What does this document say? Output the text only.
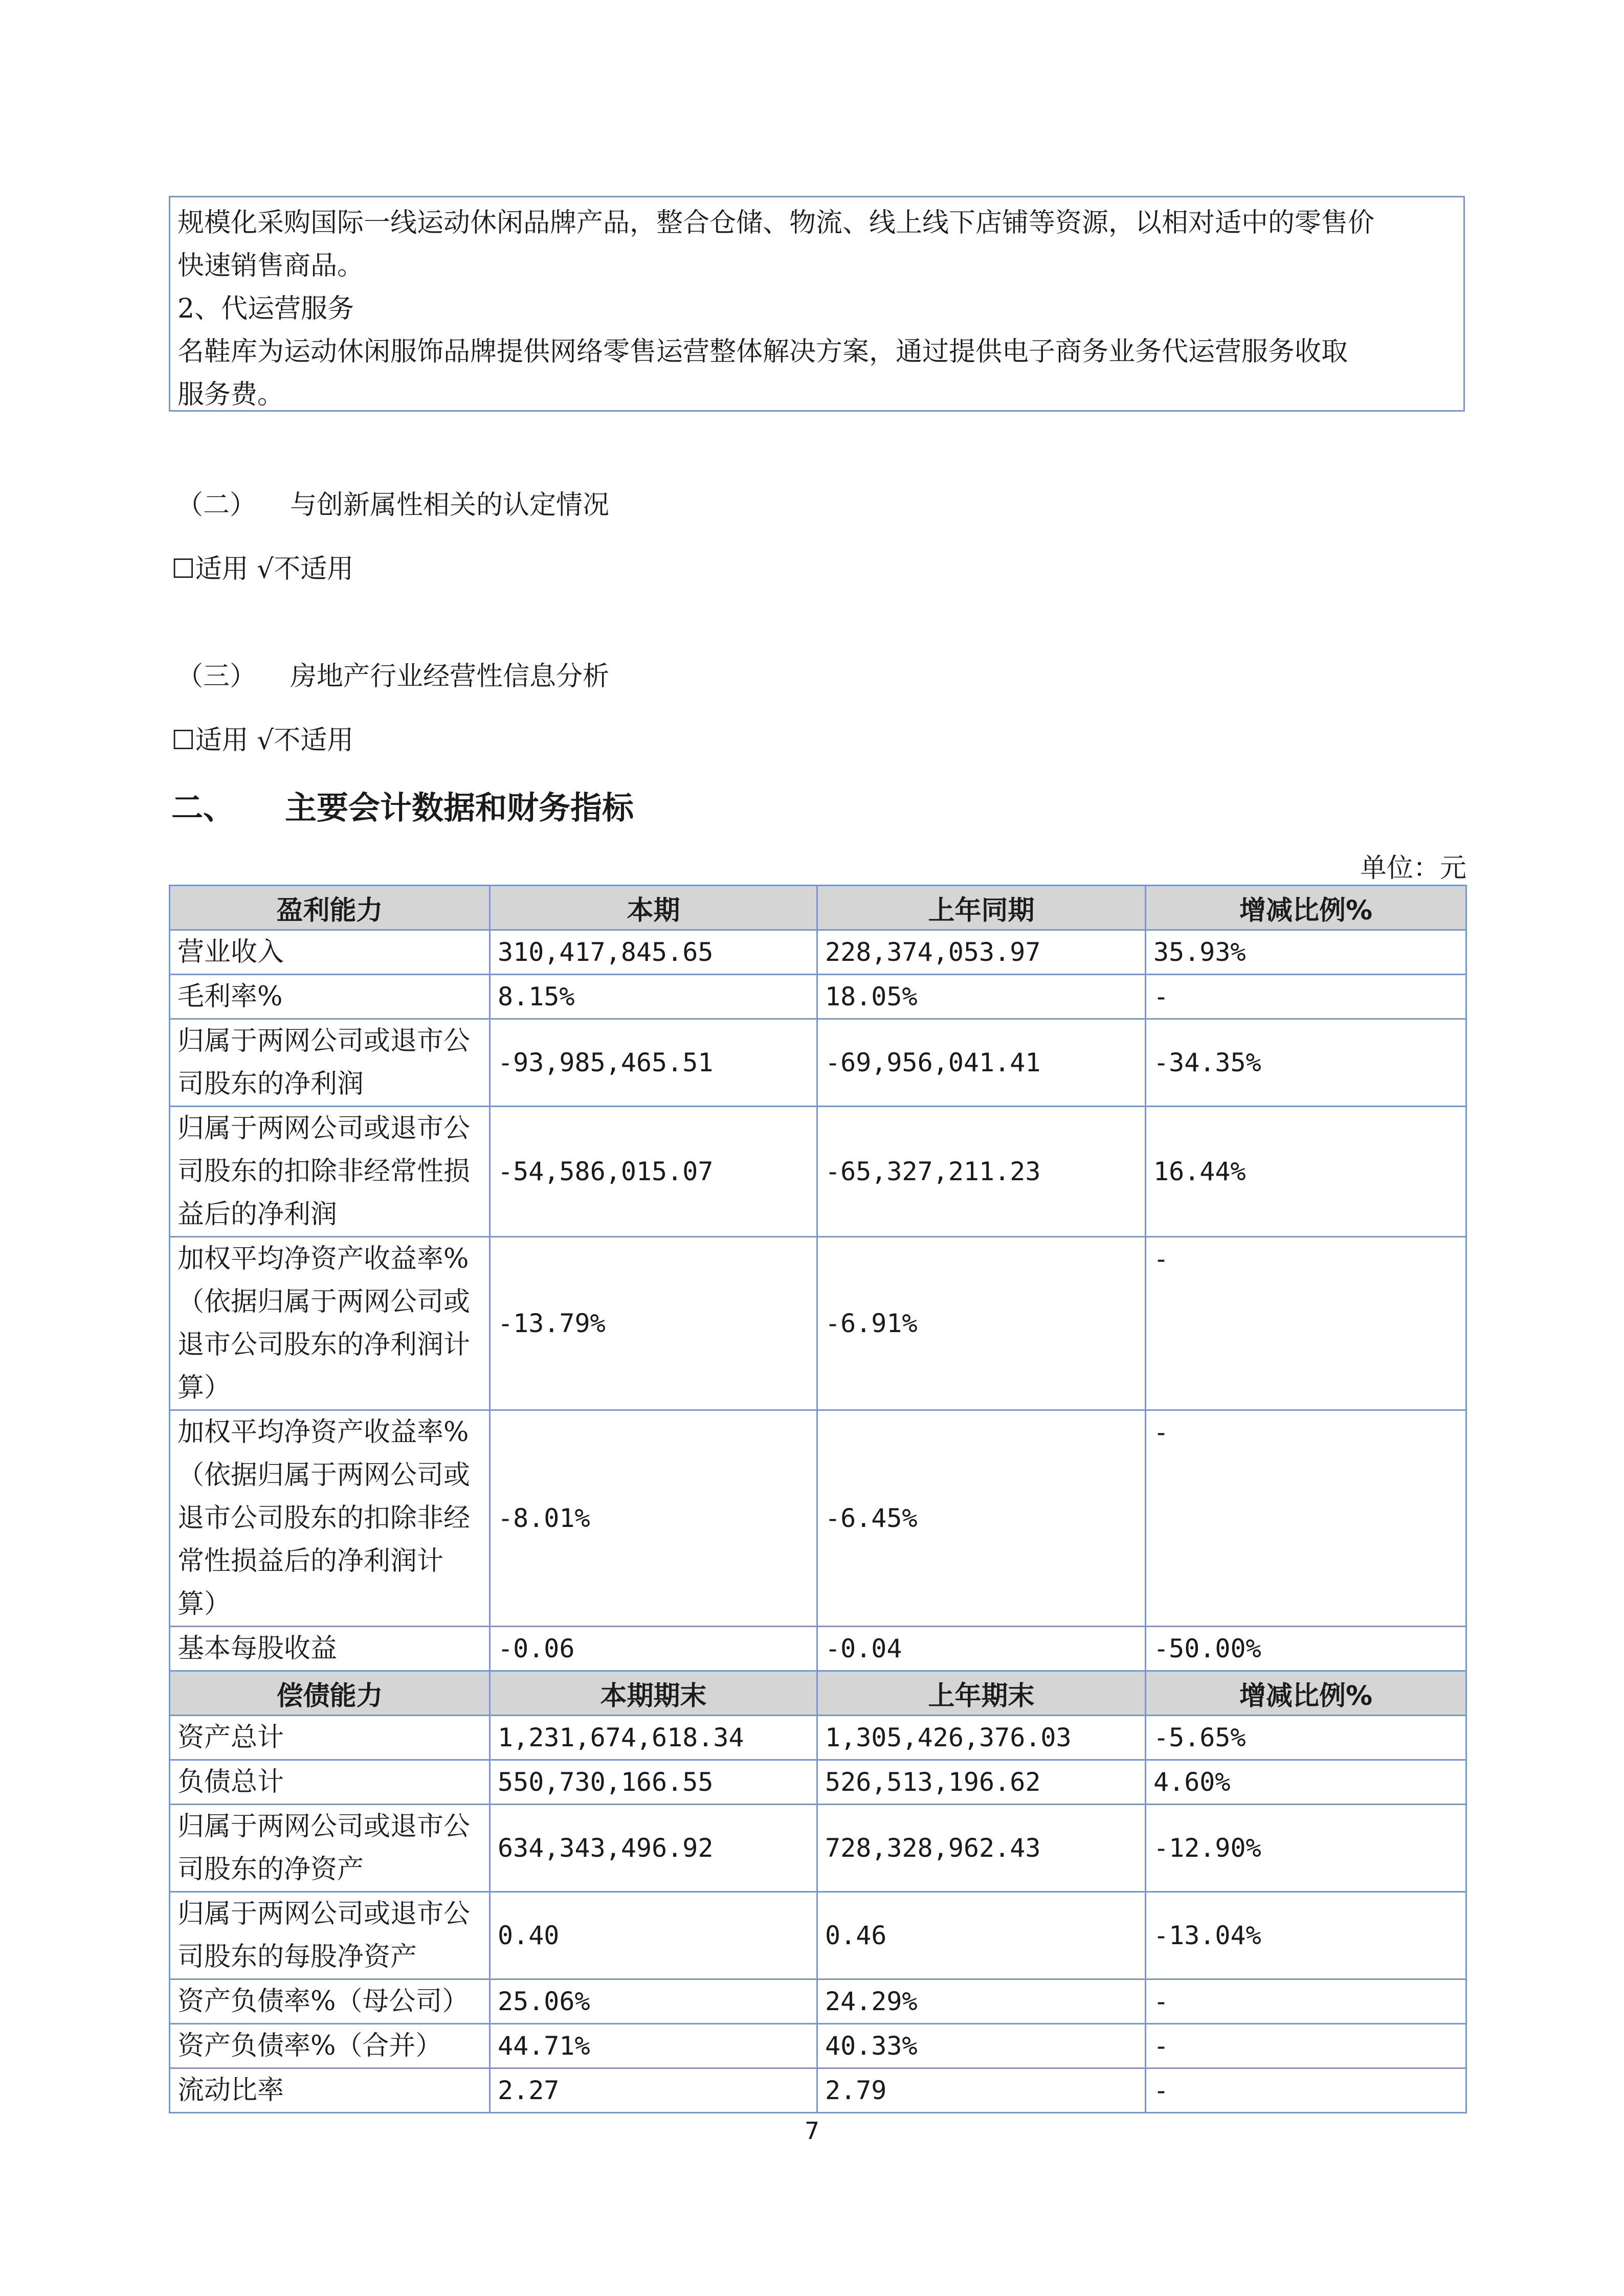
规模化采购国际一线运动休闲品牌产品，整合仓储、物流、线上线下店铺等资源，以相对适中的零售价

快速销售商品。

2、代运营服务

名鞋库为运动休闲服饰品牌提供网络零售运营整体解决方案，通过提供电子商务业务代运营服务收取

服务费。

（二） 与创新属性相关的认定情况
☐适用 √不适用
（三） 房地产行业经营性信息分析
☐适用 √不适用
二、 主要会计数据和财务指标
单位：元
盈利能力	本期	上年同期	增减比例%
营业收入	310,417,845.65	228,374,053.97	35.93%
毛利率%	8.15%	18.05%	-
归属于两网公司或退市公司股东的净利润	-93,985,465.51	-69,956,041.41	-34.35%
归属于两网公司或退市公司股东的扣除非经常性损益后的净利润	-54,586,015.07	-65,327,211.23	16.44%
加权平均净资产收益率%（依据归属于两网公司或退市公司股东的净利润计算）	-13.79%	-6.91%	-
加权平均净资产收益率%（依据归属于两网公司或退市公司股东的扣除非经常性损益后的净利润计算）	-8.01%	-6.45%	-
基本每股收益	-0.06	-0.04	-50.00%
偿债能力	本期期末	上年期末	增减比例%
资产总计	1,231,674,618.34	1,305,426,376.03	-5.65%
负债总计	550,730,166.55	526,513,196.62	4.60%
归属于两网公司或退市公司股东的净资产	634,343,496.92	728,328,962.43	-12.90%
归属于两网公司或退市公司股东的每股净资产	0.40	0.46	-13.04%
资产负债率%（母公司）	25.06%	24.29%	-
资产负债率%（合并）	44.71%	40.33%	-
流动比率	2.27	2.79	-
7
